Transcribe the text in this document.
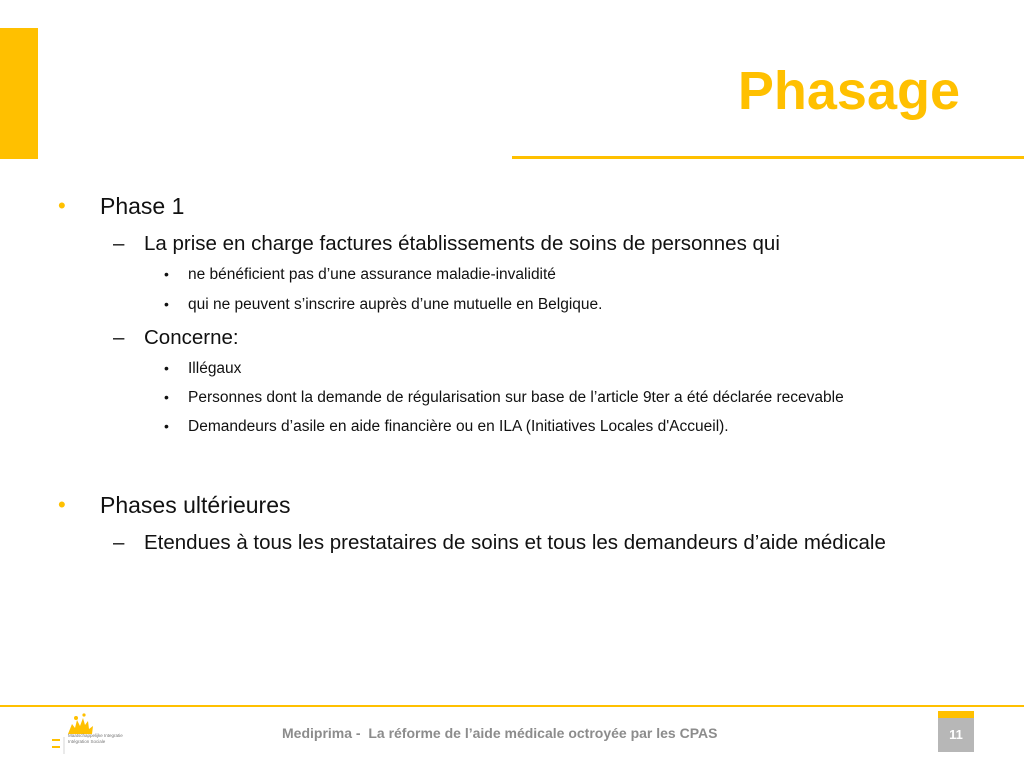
Phasage
• Phase 1
– La prise en charge factures établissements de soins de personnes qui
• ne bénéficient pas d’une assurance maladie-invalidité
• qui ne peuvent s’inscrire auprès d’une mutuelle en Belgique.
– Concerne:
• Illégaux
• Personnes dont la demande de régularisation sur base de l’article 9ter a été déclarée recevable
• Demandeurs d’asile en aide financière ou en ILA (Initiatives Locales d'Accueil).
• Phases ultérieures
– Etendues à tous les prestataires de soins et tous les demandeurs d’aide médicale
Maatschappelijke Integratie
Intégration Sociale
Mediprima -  La réforme de l’aide médicale octroyée par les CPAS	11
